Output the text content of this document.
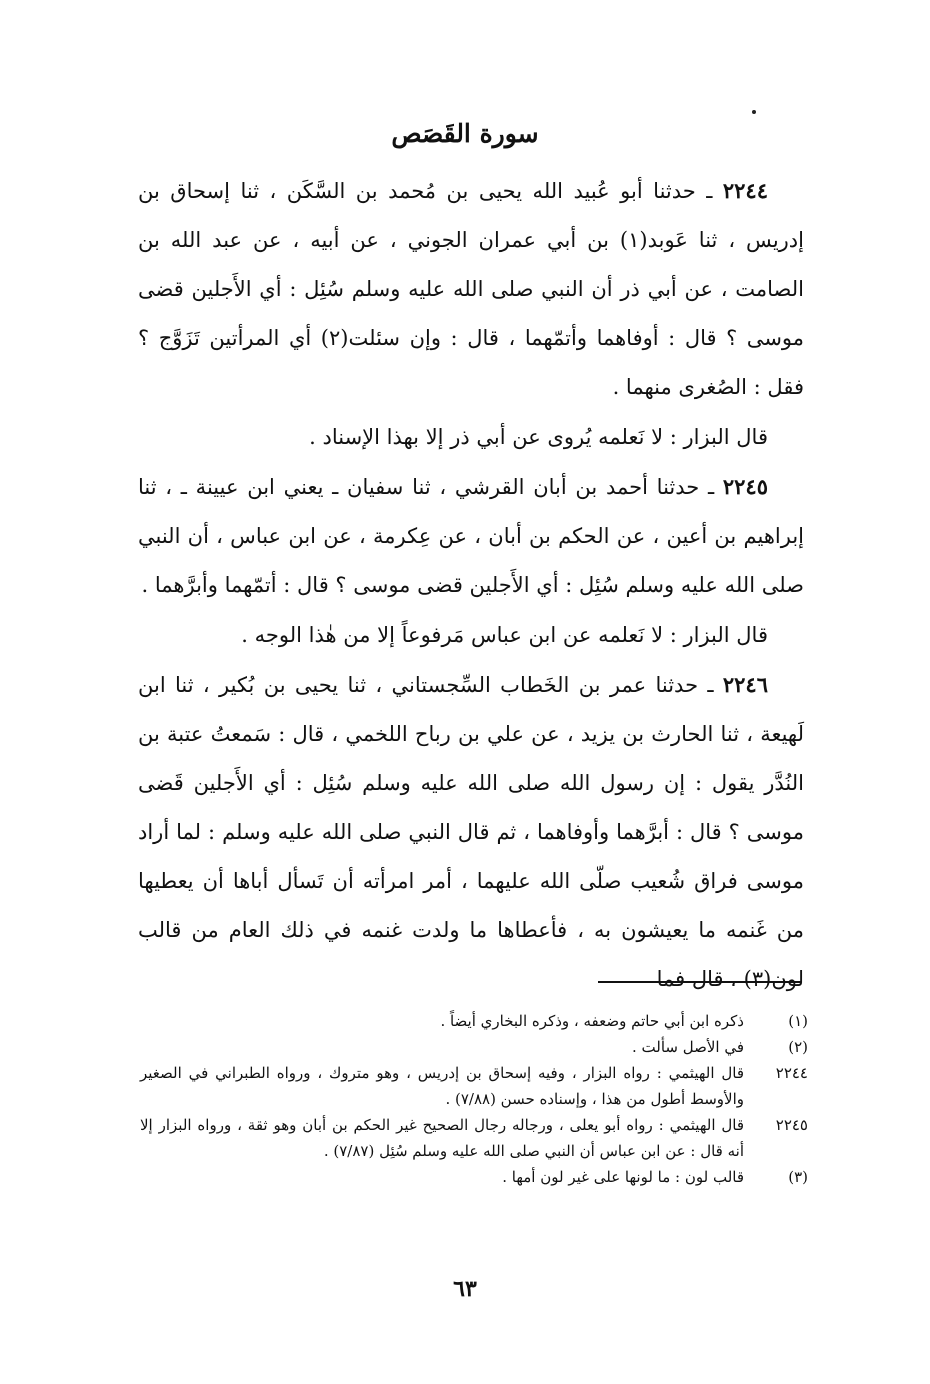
سورة القَصَص

٢٢٤٤ ـ حدثنا أبو عُبيد الله يحيى بن مُحمد بن السَّكَن ، ثنا إسحاق بن إدريس ، ثنا عَوبد(١) بن أبي عمران الجوني ، عن أبيه ، عن عبد الله بن الصامت ، عن أبي ذر أن النبي صلى الله عليه وسلم سُئِل : أي الأَجلين قضى موسى ؟ قال : أوفاهما وأتمّهما ، قال : وإن سئلت(٢) أي المرأتين تَزَوَّج ؟ فقل : الصُغرى منهما .

قال البزار : لا نَعلمه يُروى عن أبي ذر إلا بهذا الإسناد .

٢٢٤٥ ـ حدثنا أحمد بن أبان القرشي ، ثنا سفيان ـ يعني ابن عيينة ـ ، ثنا إبراهيم بن أعين ، عن الحكم بن أبان ، عن عِكرمة ، عن ابن عباس ، أن النبي صلى الله عليه وسلم سُئِل : أي الأَجلين قضى موسى ؟ قال : أتمّهما وأبرَّهما .

قال البزار : لا نَعلمه عن ابن عباس مَرفوعاً إلا من هٰذا الوجه .

٢٢٤٦ ـ حدثنا عمر بن الخَطاب السِّجستاني ، ثنا يحيى بن بُكير ، ثنا ابن لَهيعة ، ثنا الحارث بن يزيد ، عن علي بن رباح اللخمي ، قال : سَمعتُ عتبة بن النُدَّر يقول : إن رسول الله صلى الله عليه وسلم سُئِل : أي الأَجلين قَضى موسى ؟ قال : أبرَّهما وأوفاهما ، ثم قال النبي صلى الله عليه وسلم : لما أراد موسى فراق شُعيب صلّى الله عليهما ، أمر امرأته أن تَسأل أباها أن يعطيها من غَنمه ما يعيشون به ، فأعطاها ما ولدت غنمه في ذلك العام من قالب لون(٣) ، قال فما

(١)
ذكره ابن أبي حاتم وضعفه ، وذكره البخاري أيضاً .
(٢)
في الأصل سألت .
٢٢٤٤
قال الهيثمي : رواه البزار ، وفيه إسحاق بن إدريس ، وهو متروك ، ورواه الطبراني في الصغير والأوسط أطول من هذا ، وإسناده حسن (٧/٨٨) .
٢٢٤٥
قال الهيثمي : رواه أبو يعلى ، ورجاله رجال الصحيح غير الحكم بن أبان وهو ثقة ، ورواه البزار إلا أنه قال : عن ابن عباس أن النبي صلى الله عليه وسلم سُئِل (٧/٨٧) .
(٣)
قالب لون : ما لونها على غير لون أمها .
٦٣
